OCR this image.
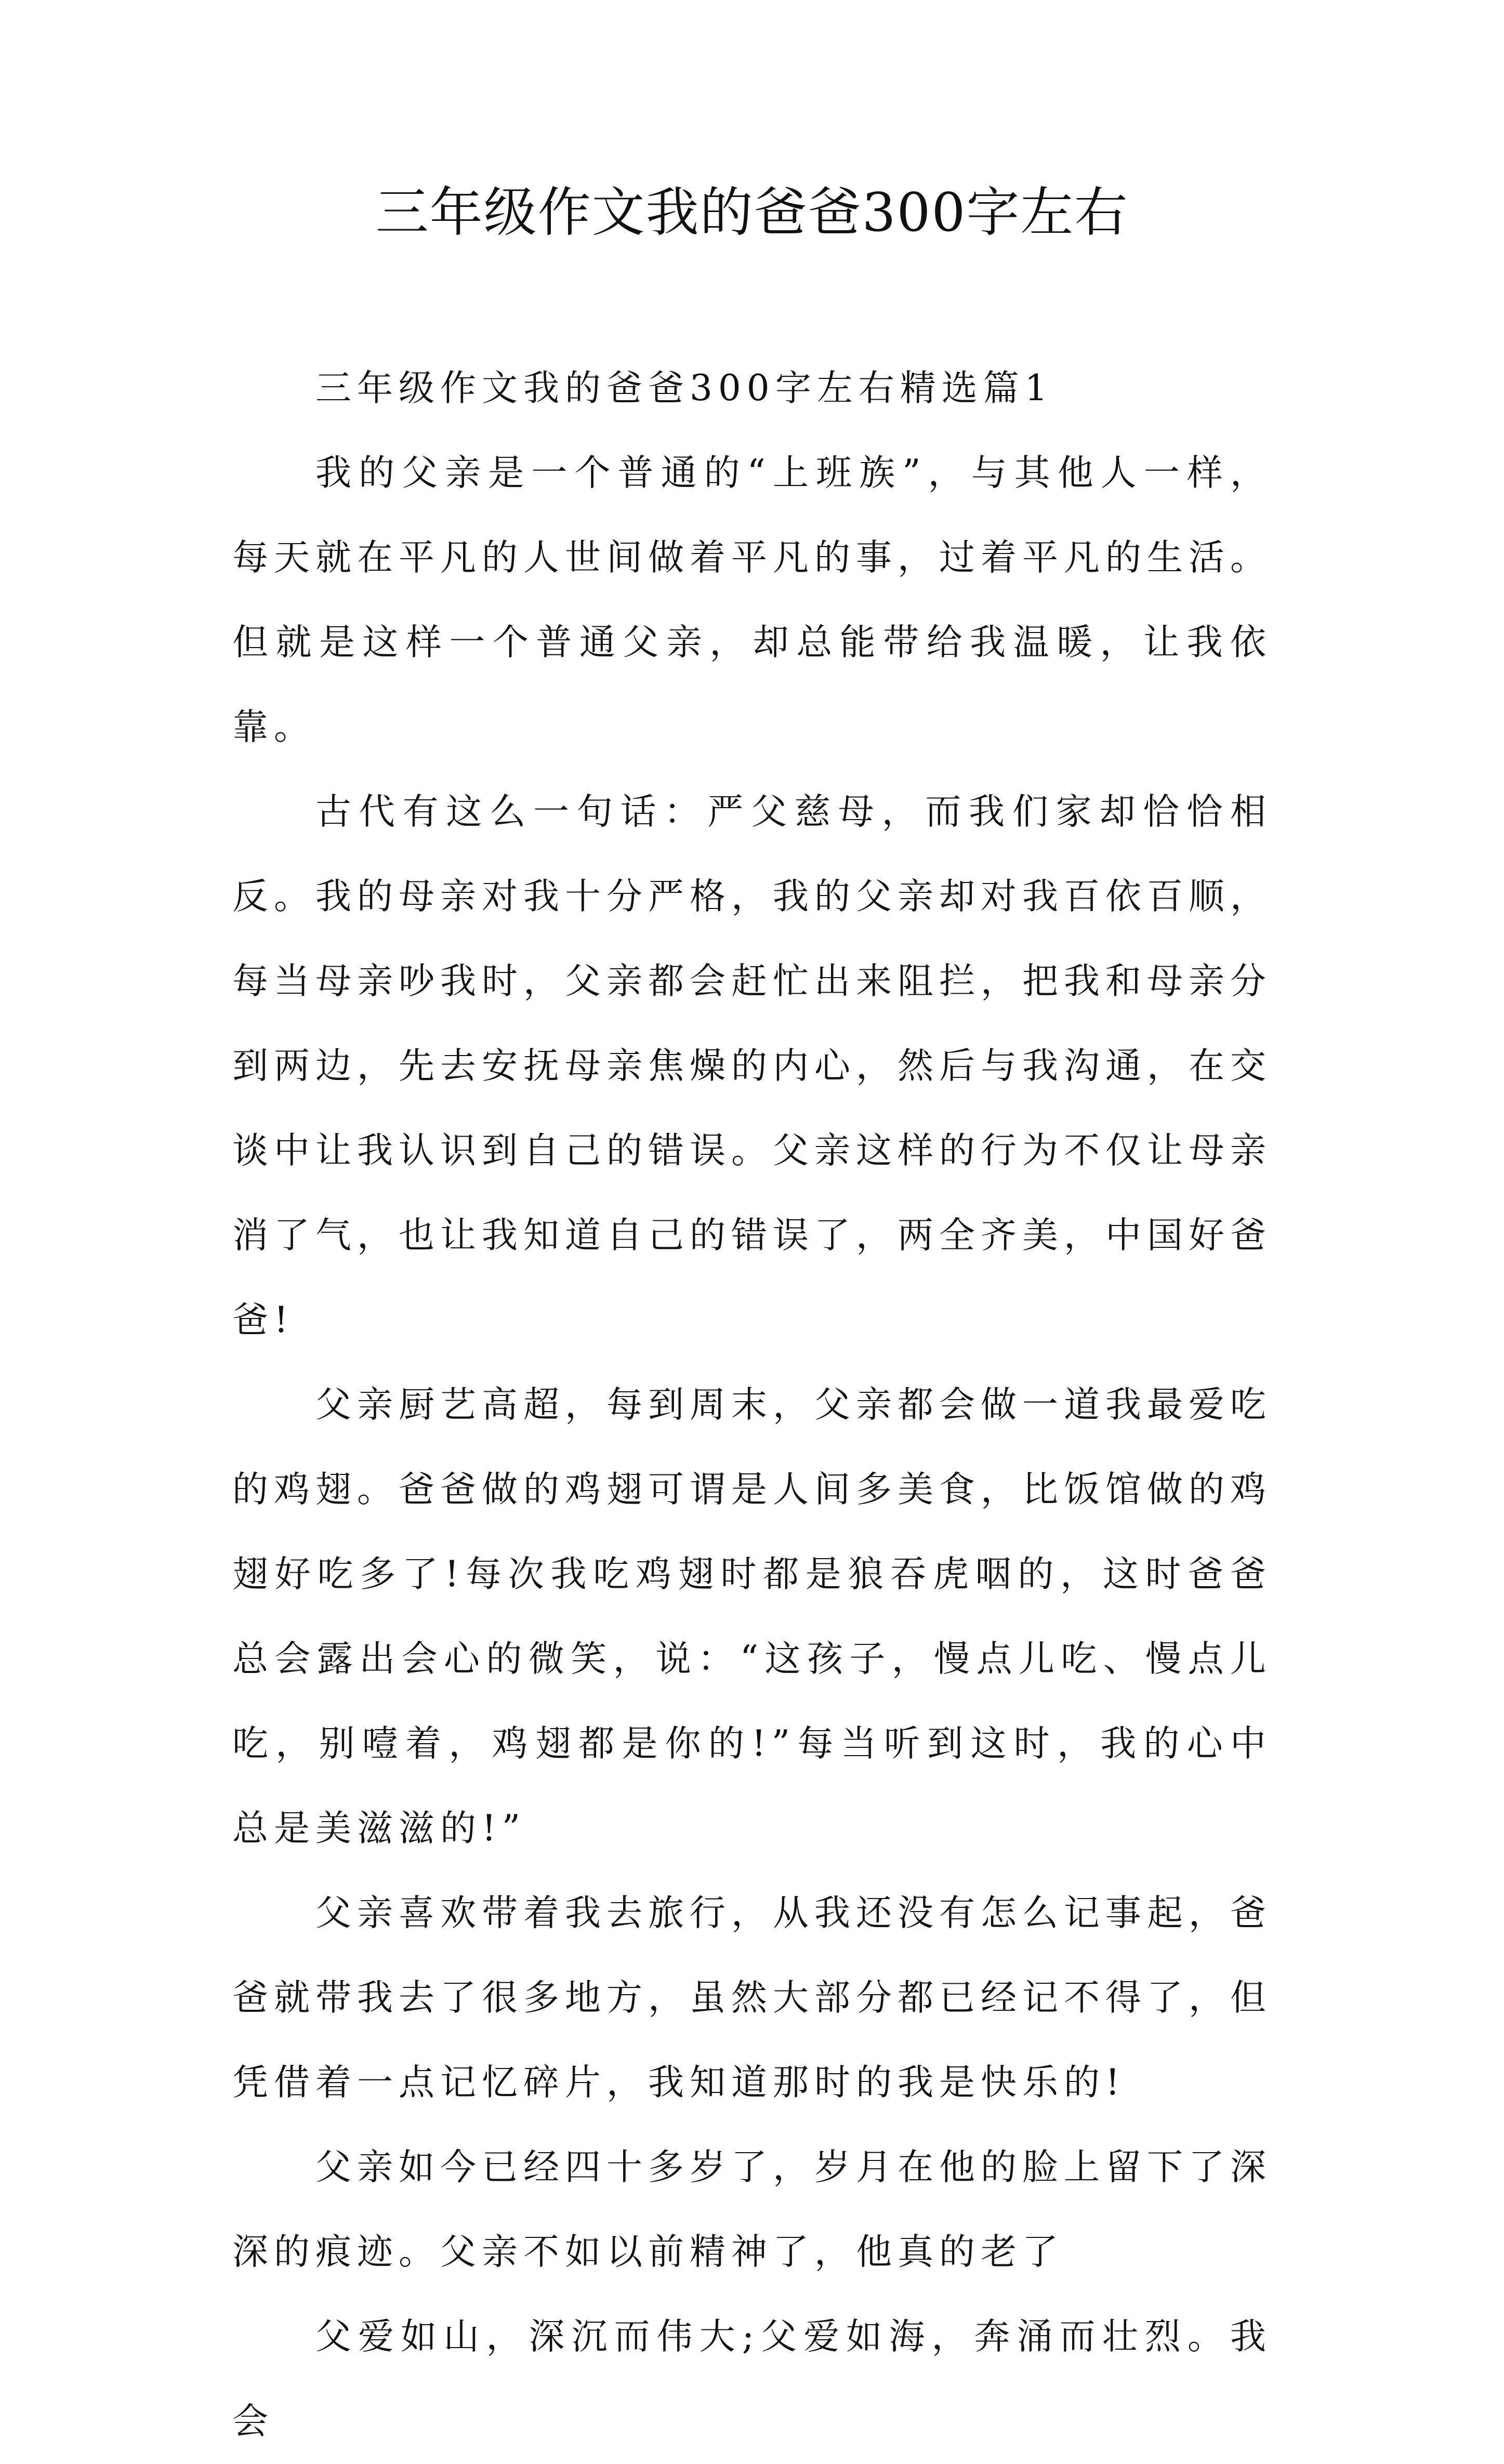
三年级作文我的爸爸300字左右

三年级作文我的爸爸300字左右精选篇1

我的父亲是一个普通的“上班族”，与其他人一样，每天就在平凡的人世间做着平凡的事，过着平凡的生活。但就是这样一个普通父亲，却总能带给我温暖，让我依靠。

古代有这么一句话：严父慈母，而我们家却恰恰相反。我的母亲对我十分严格，我的父亲却对我百依百顺，每当母亲吵我时，父亲都会赶忙出来阻拦，把我和母亲分到两边，先去安抚母亲焦燥的内心，然后与我沟通，在交谈中让我认识到自己的错误。父亲这样的行为不仅让母亲消了气，也让我知道自己的错误了，两全齐美，中国好爸爸!

父亲厨艺高超，每到周末，父亲都会做一道我最爱吃的鸡翅。爸爸做的鸡翅可谓是人间多美食，比饭馆做的鸡翅好吃多了!每次我吃鸡翅时都是狼吞虎咽的，这时爸爸总会露出会心的微笑，说：“这孩子，慢点儿吃、慢点儿吃，别噎着，鸡翅都是你的!”每当听到这时，我的心中总是美滋滋的!”

父亲喜欢带着我去旅行，从我还没有怎么记事起，爸爸就带我去了很多地方，虽然大部分都已经记不得了，但凭借着一点记忆碎片，我知道那时的我是快乐的!

父亲如今已经四十多岁了，岁月在他的脸上留下了深深的痕迹。父亲不如以前精神了，他真的老了

父爱如山，深沉而伟大;父爱如海，奔涌而壮烈。我会
